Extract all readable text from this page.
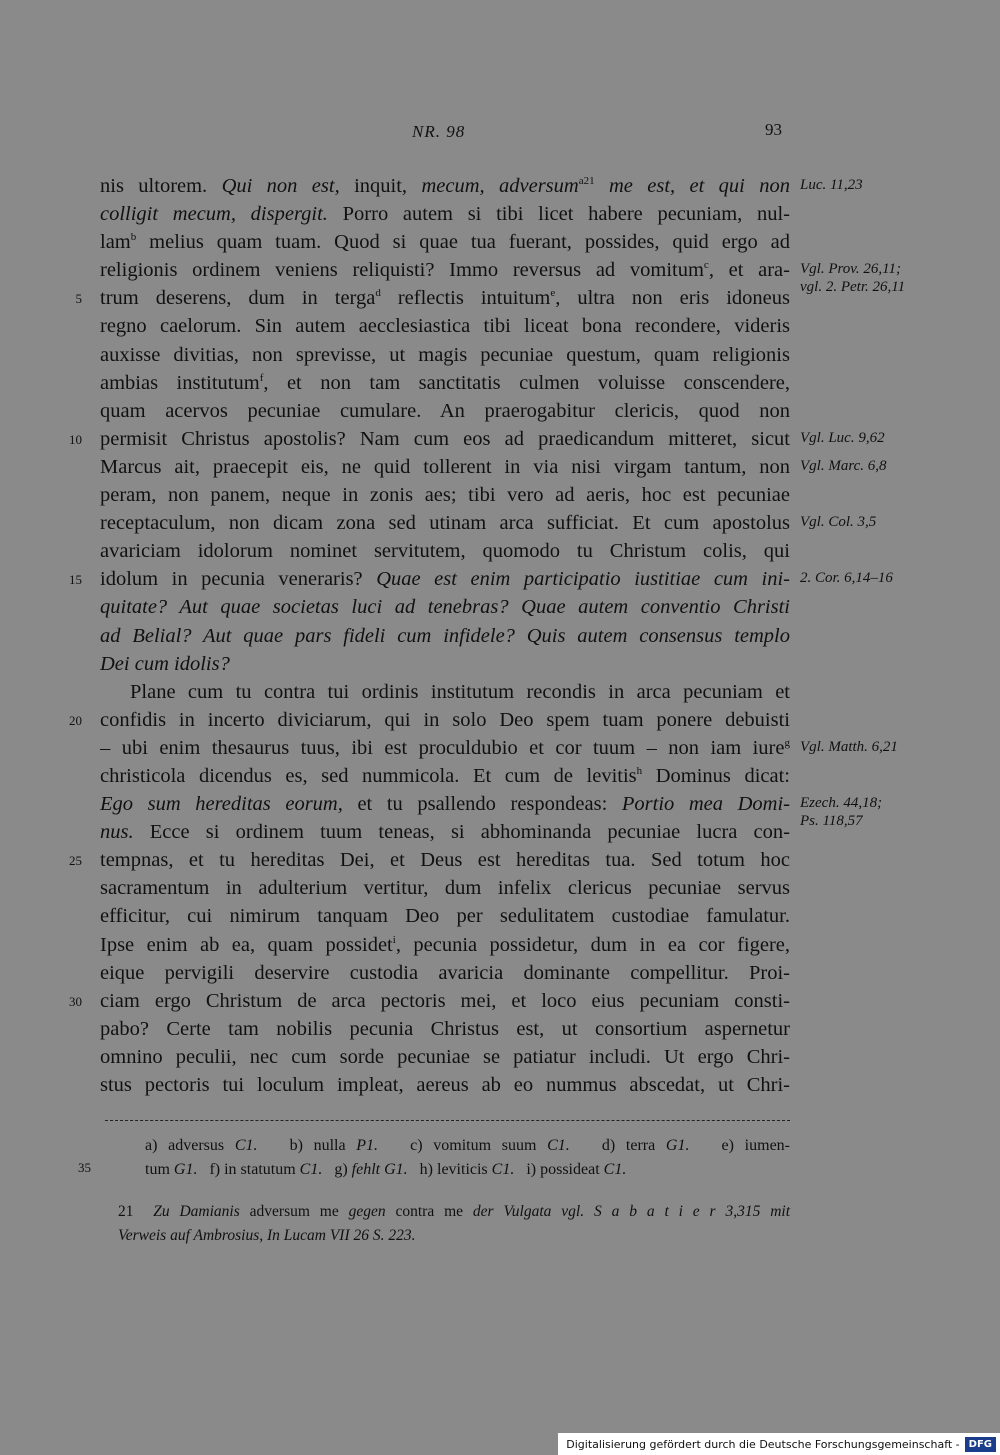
NR. 98	93
nis ultorem. Qui non est, inquit, mecum, adversum$^{a21}$ me est, et qui non
colligit mecum, dispergit. Porro autem si tibi licet habere pecuniam, nul-
lam$^b$ melius quam tuam. Quod si quae tua fuerant, possides, quid ergo ad
religionis ordinem veniens reliquisti? Immo reversus ad vomitum$^c$, et ara-
trum deserens, dum in terga$^d$ reflectis intuitum$^e$, ultra non eris idoneus
regno caelorum. Sin autem aecclesiastica tibi liceat bona recondere, videris
auxisse divitias, non sprevisse, ut magis pecuniae questum, quam religionis
ambias institutum$^f$, et non tam sanctitatis culmen voluisse conscendere,
quam acervos pecuniae cumulare. An praerogabitur clericis, quod non
permisit Christus apostolis? Nam cum eos ad praedicandum mitteret, sicut
Marcus ait, praecepit eis, ne quid tollerent in via nisi virgam tantum, non
peram, non panem, neque in zonis aes; tibi vero ad aeris, hoc est pecuniae
receptaculum, non dicam zona sed utinam arca sufficiat. Et cum apostolus
avariciam idolorum nominet servitutem, quomodo tu Christum colis, qui
idolum in pecunia veneraris? Quae est enim participatio iustitiae cum ini-
quitate? Aut quae societas luci ad tenebras? Quae autem conventio Christi
ad Belial? Aut quae pars fideli cum infidele? Quis autem consensus templo
Dei cum idolis?
Plane cum tu contra tui ordinis institutum recondis in arca pecuniam et
confidis in incerto diviciarum, qui in solo Deo spem tuam ponere debuisti
– ubi enim thesaurus tuus, ibi est proculdubio et cor tuum – non iam iure$^g$
christicola dicendus es, sed nummicola. Et cum de levitis$^h$ Dominus dicat:
Ego sum hereditas eorum, et tu psallendo respondeas: Portio mea Domi-
nus. Ecce si ordinem tuum teneas, si abhominanda pecuniae lucra con-
tempnas, et tu hereditas Dei, et Deus est hereditas tua. Sed totum hoc
sacramentum in adulterium vertitur, dum infelix clericus pecuniae servus
efficitur, cui nimirum tanquam Deo per sedulitatem custodiae famulatur.
Ipse enim ab ea, quam possidet$^i$, pecunia possidetur, dum in ea cor figere,
eique pervigili deservire custodia avaricia dominante compellitur. Proi-
ciam ergo Christum de arca pectoris mei, et loco eius pecuniam consti-
pabo? Certe tam nobilis pecunia Christus est, ut consortium aspernetur
omnino peculii, nec cum sorde pecuniae se patiatur includi. Ut ergo Chri-
stus pectoris tui loculum impleat, aereus ab eo nummus abscedat, ut Chri-
5
10
15
20
25
30
Luc. 11,23
Vgl. Prov. 26,11;
vgl. 2. Petr. 26,11
Vgl. Luc. 9,62
Vgl. Marc. 6,8
Vgl. Col. 3,5
2. Cor. 6,14–16
Vgl. Matth. 6,21
Ezech. 44,18;
Ps. 118,57
a) adversus C1.   b) nulla P1.   c) vomitum suum C1.   d) terra G1.   e) iumen-
tum G1.   f) in statutum C1.   g) fehlt G1.   h) leviticis C1.   i) possideat C1.
35
21  Zu Damianis adversum me gegen contra me der Vulgata vgl. S a b a t i e r 3,315 mit
Verweis auf Ambrosius, In Lucam VII 26 S. 223.
Digitalisierung gefördert durch die Deutsche Forschungsgemeinschaft - DFG
